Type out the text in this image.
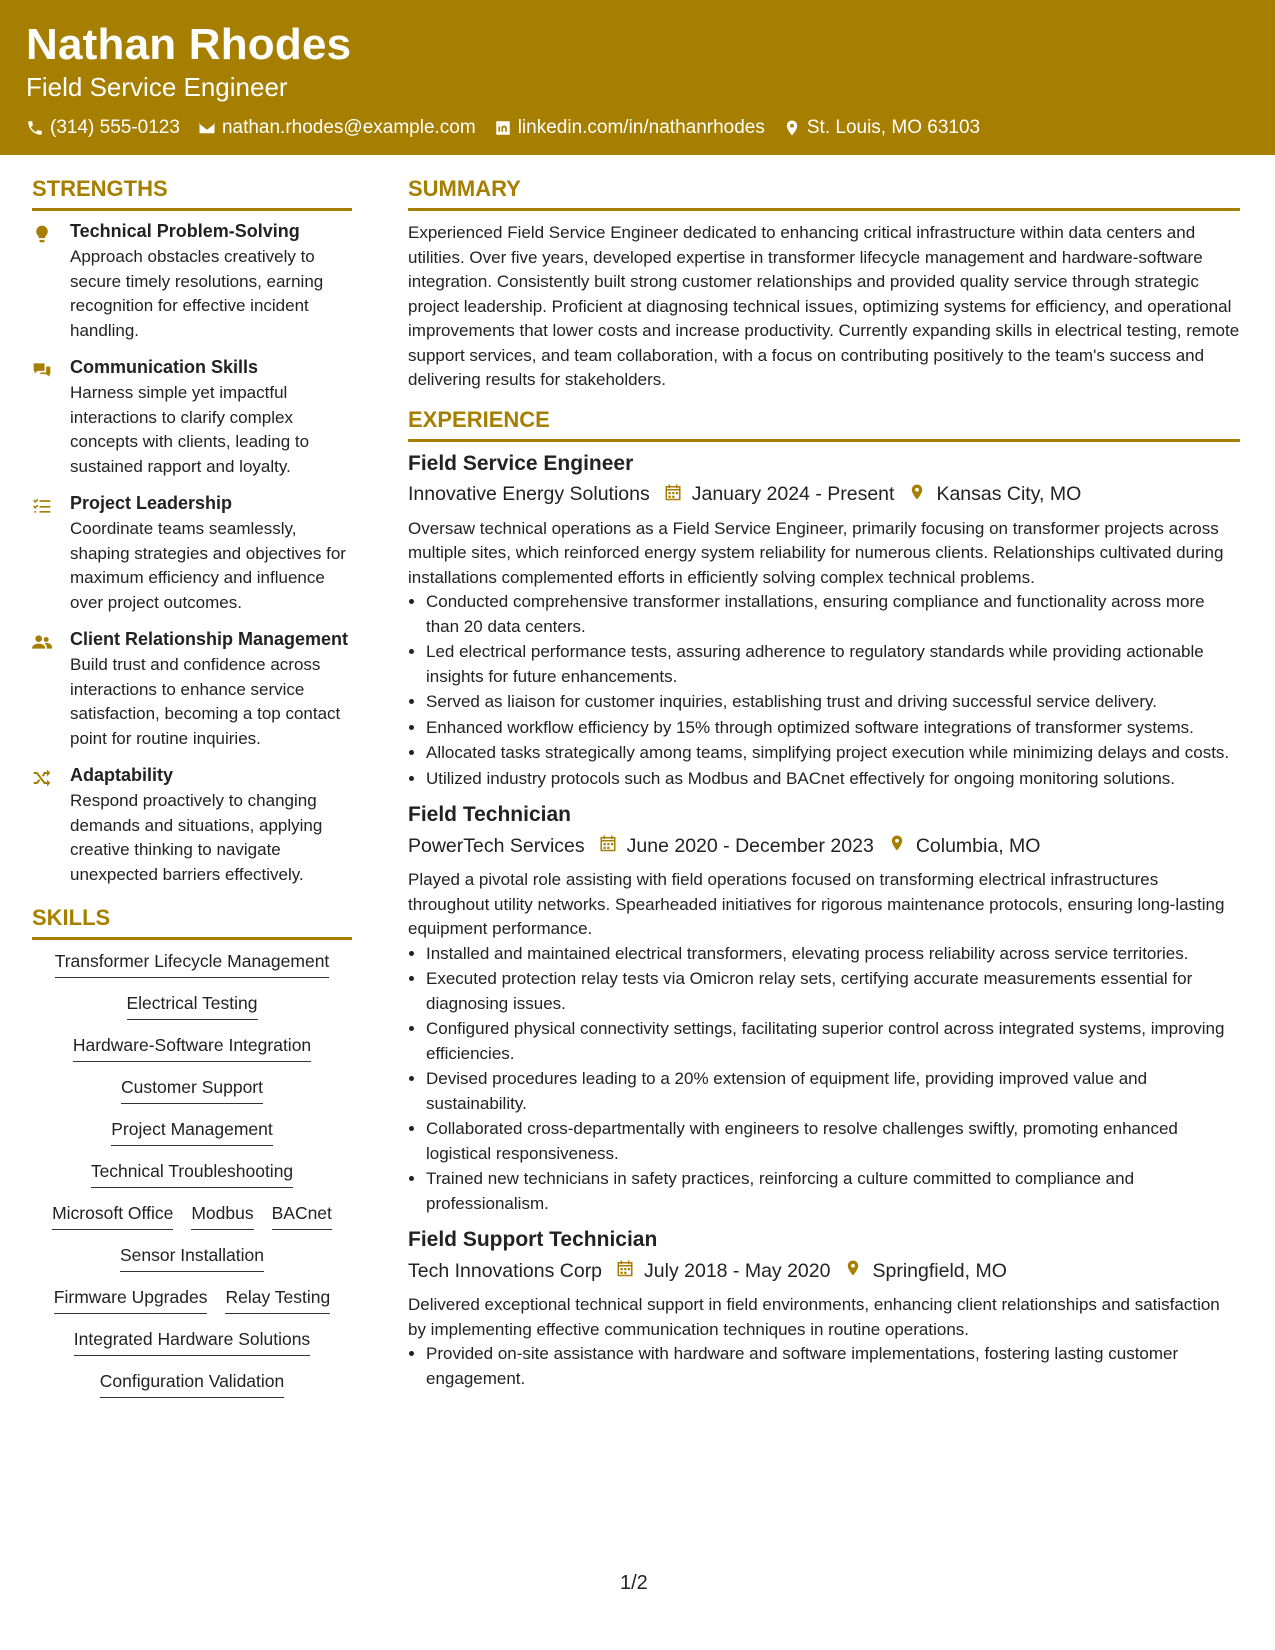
Nathan Rhodes
Field Service Engineer
(314) 555-0123 nathan.rhodes@example.com linkedin.com/in/nathanrhodes St. Louis, MO 63103
STRENGTHS
Technical Problem-Solving
Approach obstacles creatively to secure timely resolutions, earning recognition for effective incident handling.
Communication Skills
Harness simple yet impactful interactions to clarify complex concepts with clients, leading to sustained rapport and loyalty.
Project Leadership
Coordinate teams seamlessly, shaping strategies and objectives for maximum efficiency and influence over project outcomes.
Client Relationship Management
Build trust and confidence across interactions to enhance service satisfaction, becoming a top contact point for routine inquiries.
Adaptability
Respond proactively to changing demands and situations, applying creative thinking to navigate unexpected barriers effectively.
SKILLS
Transformer Lifecycle Management
Electrical Testing
Hardware-Software Integration
Customer Support
Project Management
Technical Troubleshooting
Microsoft Office Modbus BACnet
Sensor Installation
Firmware Upgrades Relay Testing
Integrated Hardware Solutions
Configuration Validation
SUMMARY
Experienced Field Service Engineer dedicated to enhancing critical infrastructure within data centers and utilities. Over five years, developed expertise in transformer lifecycle management and hardware-software integration. Consistently built strong customer relationships and provided quality service through strategic project leadership. Proficient at diagnosing technical issues, optimizing systems for efficiency, and operational improvements that lower costs and increase productivity. Currently expanding skills in electrical testing, remote support services, and team collaboration, with a focus on contributing positively to the team's success and delivering results for stakeholders.
EXPERIENCE
Field Service Engineer
Innovative Energy Solutions January 2024 - Present Kansas City, MO
Oversaw technical operations as a Field Service Engineer, primarily focusing on transformer projects across multiple sites, which reinforced energy system reliability for numerous clients. Relationships cultivated during installations complemented efforts in efficiently solving complex technical problems.
• Conducted comprehensive transformer installations, ensuring compliance and functionality across more than 20 data centers.
• Led electrical performance tests, assuring adherence to regulatory standards while providing actionable insights for future enhancements.
• Served as liaison for customer inquiries, establishing trust and driving successful service delivery.
• Enhanced workflow efficiency by 15% through optimized software integrations of transformer systems.
• Allocated tasks strategically among teams, simplifying project execution while minimizing delays and costs.
• Utilized industry protocols such as Modbus and BACnet effectively for ongoing monitoring solutions.
Field Technician
PowerTech Services June 2020 - December 2023 Columbia, MO
Played a pivotal role assisting with field operations focused on transforming electrical infrastructures throughout utility networks. Spearheaded initiatives for rigorous maintenance protocols, ensuring long-lasting equipment performance.
• Installed and maintained electrical transformers, elevating process reliability across service territories.
• Executed protection relay tests via Omicron relay sets, certifying accurate measurements essential for diagnosing issues.
• Configured physical connectivity settings, facilitating superior control across integrated systems, improving efficiencies.
• Devised procedures leading to a 20% extension of equipment life, providing improved value and sustainability.
• Collaborated cross-departmentally with engineers to resolve challenges swiftly, promoting enhanced logistical responsiveness.
• Trained new technicians in safety practices, reinforcing a culture committed to compliance and professionalism.
Field Support Technician
Tech Innovations Corp July 2018 - May 2020 Springfield, MO
Delivered exceptional technical support in field environments, enhancing client relationships and satisfaction by implementing effective communication techniques in routine operations.
• Provided on-site assistance with hardware and software implementations, fostering lasting customer engagement.
1/2
